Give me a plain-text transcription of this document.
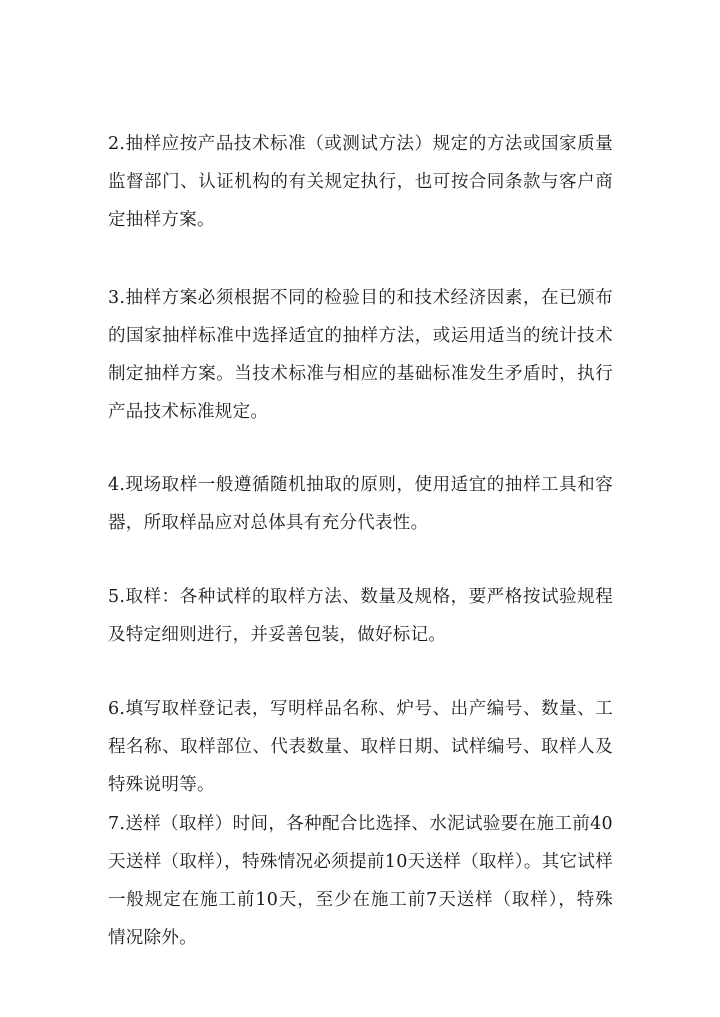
2.抽样应按产品技术标准（或测试方法）规定的方法或国家质量监督部门、认证机构的有关规定执行，也可按合同条款与客户商定抽样方案。

3.抽样方案必须根据不同的检验目的和技术经济因素，在已颁布的国家抽样标准中选择适宜的抽样方法，或运用适当的统计技术制定抽样方案。当技术标准与相应的基础标准发生矛盾时，执行产品技术标准规定。

4.现场取样一般遵循随机抽取的原则，使用适宜的抽样工具和容器，所取样品应对总体具有充分代表性。

5.取样：各种试样的取样方法、数量及规格，要严格按试验规程及特定细则进行，并妥善包装，做好标记。

6.填写取样登记表，写明样品名称、炉号、出产编号、数量、工程名称、取样部位、代表数量、取样日期、试样编号、取样人及特殊说明等。

7.送样（取样）时间，各种配合比选择、水泥试验要在施工前40天送样（取样），特殊情况必须提前10天送样（取样）。其它试样一般规定在施工前10天，至少在施工前7天送样（取样），特殊情况除外。
